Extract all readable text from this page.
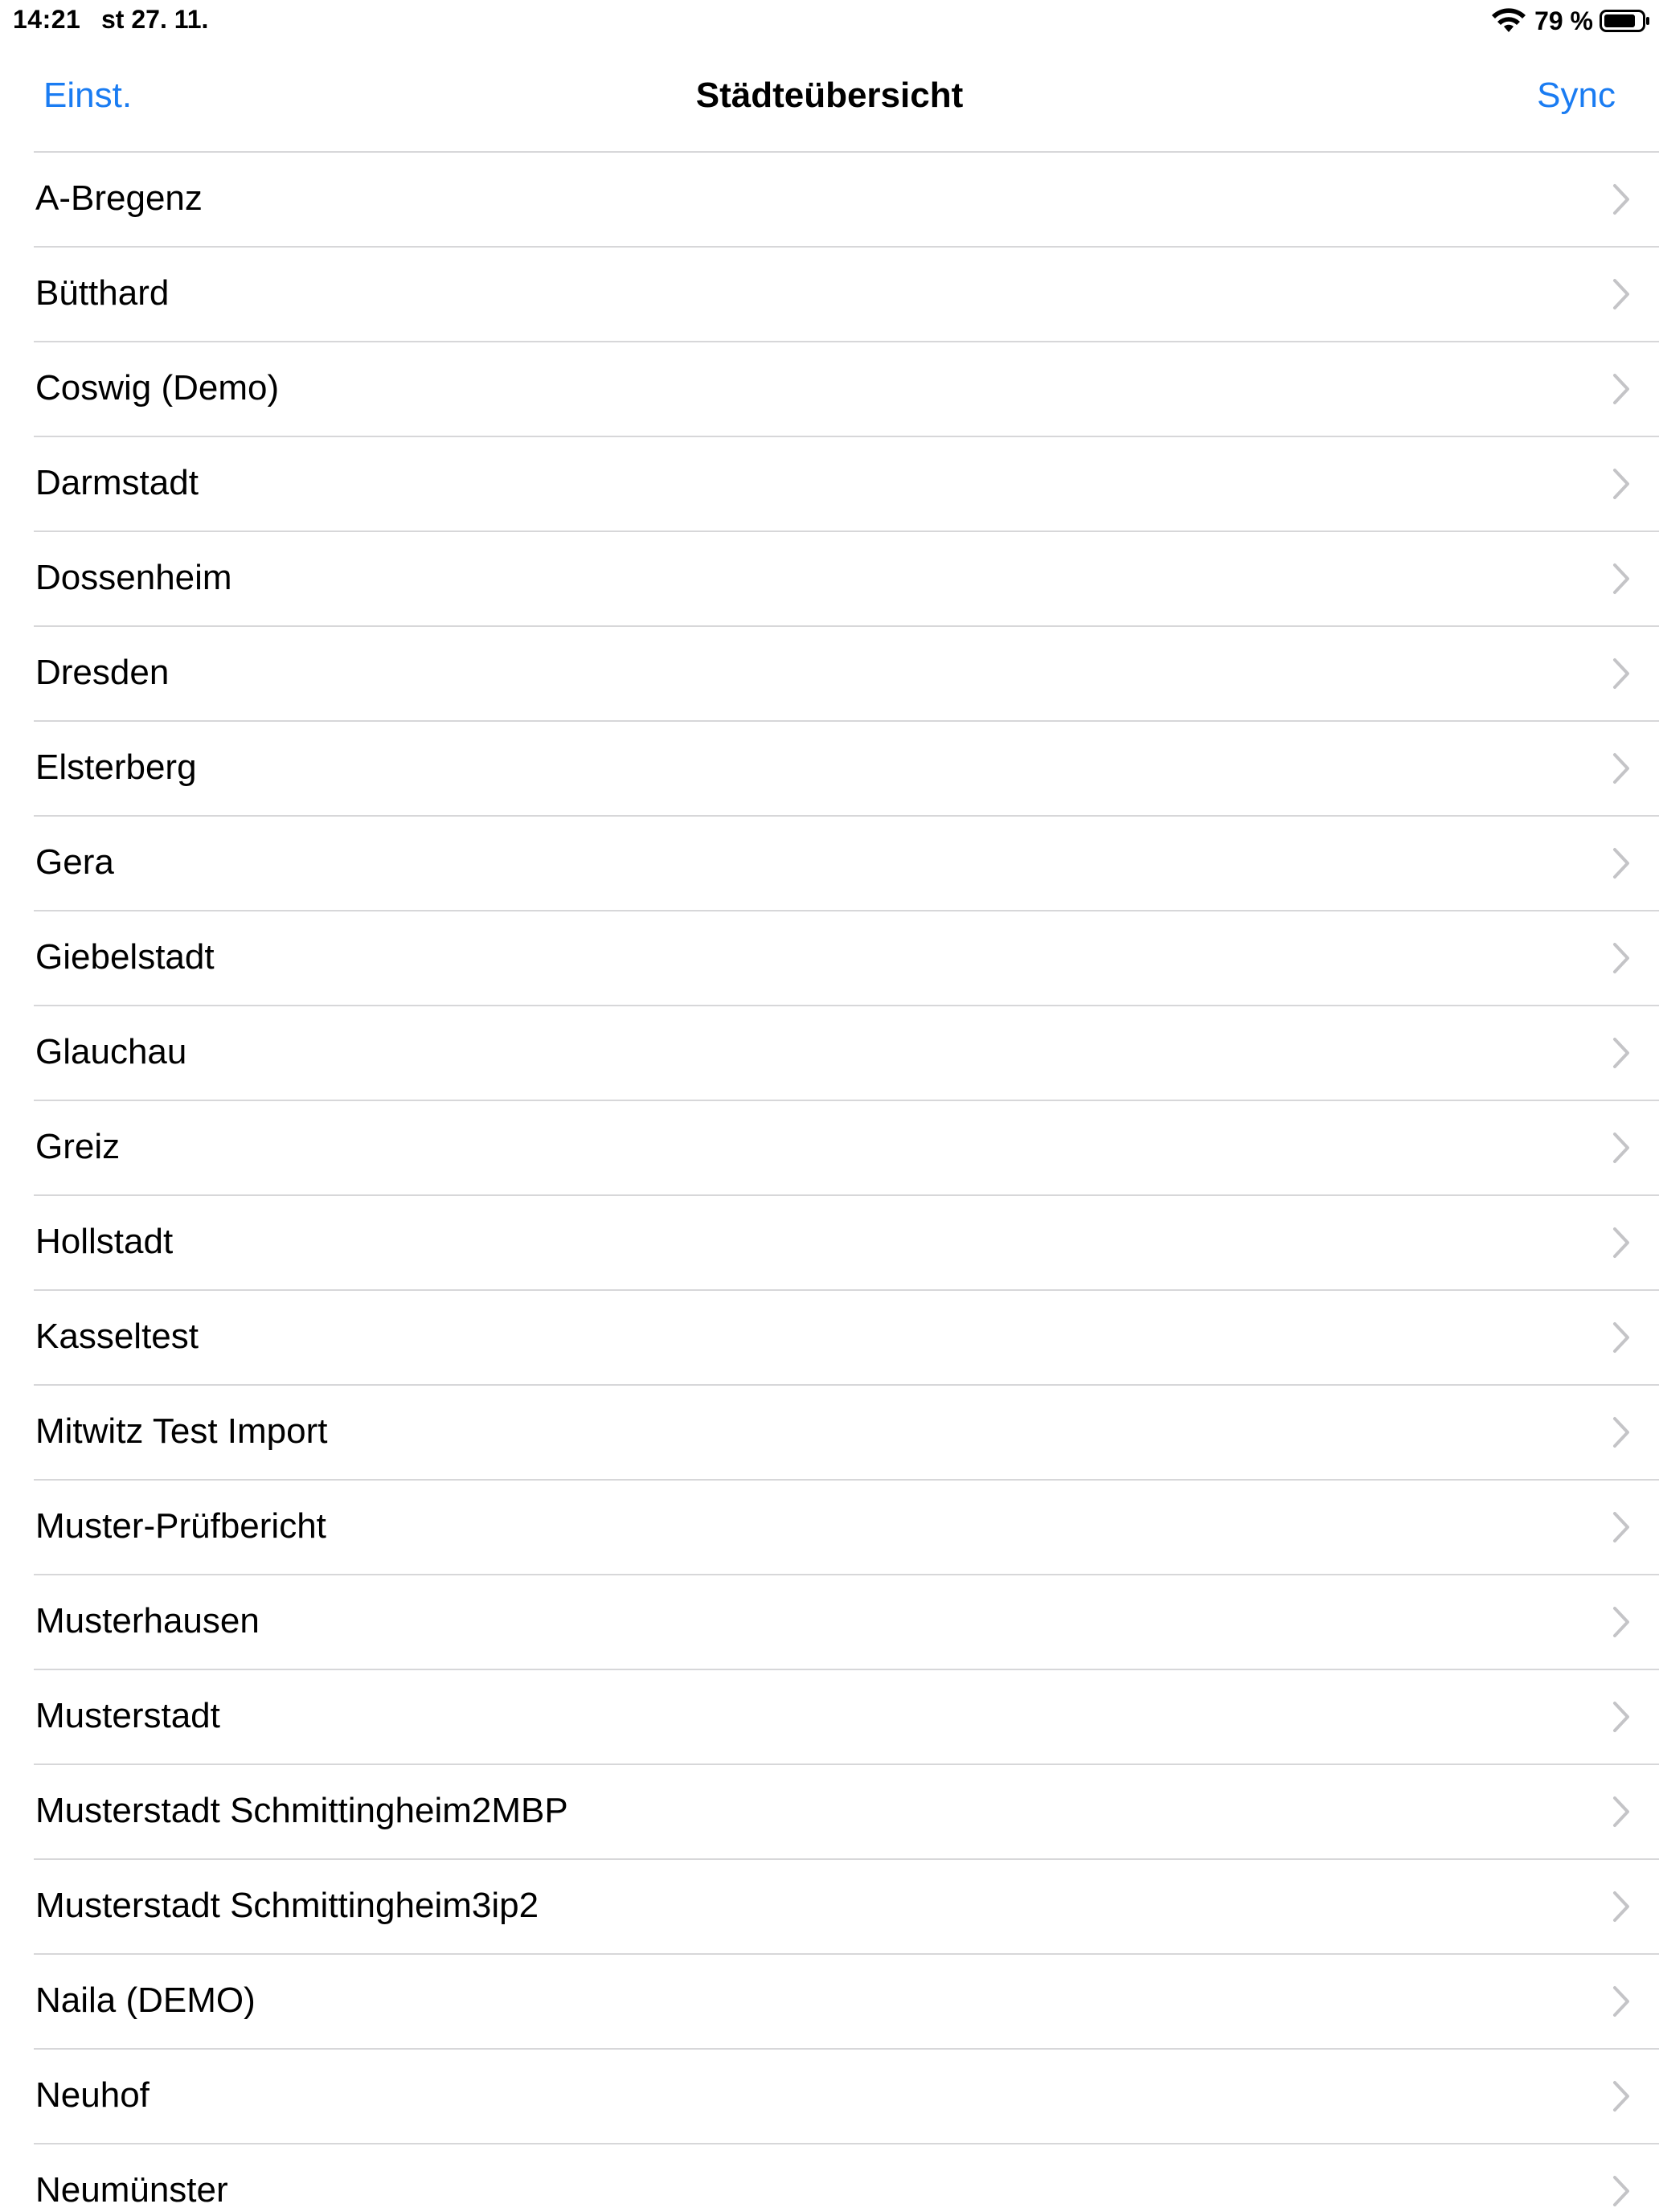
14:21 st 27. 11.	79 %
Einst.	Städteübersicht	Sync
A-Bregenz
Bütthard
Coswig (Demo)
Darmstadt
Dossenheim
Dresden
Elsterberg
Gera
Giebelstadt
Glauchau
Greiz
Hollstadt
Kasseltest
Mitwitz Test Import
Muster-Prüfbericht
Musterhausen
Musterstadt
Musterstadt Schmittingheim2MBP
Musterstadt Schmittingheim3ip2
Naila (DEMO)
Neuhof
Neumünster
